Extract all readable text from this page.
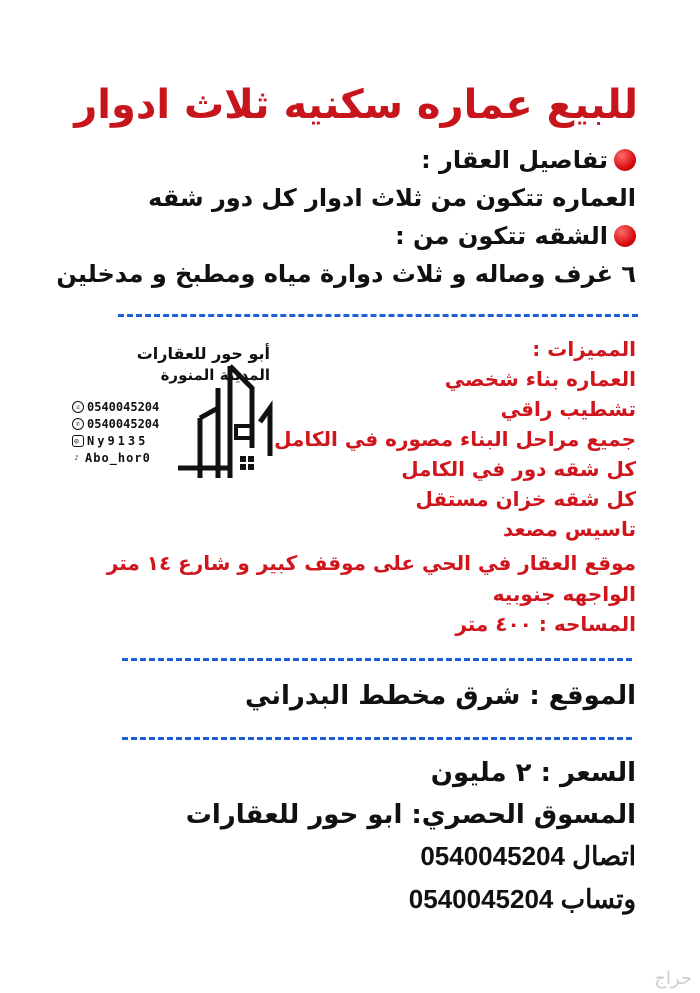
للبيع عماره سكنيه ثلاث ادوار
تفاصيل العقار :
العماره تتكون من ثلاث ادوار كل دور شقه
الشقه تتكون من :
٦ غرف وصاله و ثلاث دوارة مياه ومطبخ و مدخلين
المميزات :
العماره بناء شخصي
تشطيب راقي
جميع مراحل البناء مصوره في الكامل
كل شقه دور في الكامل
كل شقه خزان مستقل
تاسيس مصعد
موقع العقار في الحي على موقف كبير و شارع ١٤ متر
الواجهه جنوبيه
المساحه : ٤٠٠ متر
أبو حور للعقارات
المدينة المنورة
☏ 0540045204
✆ 0540045204
◎ Ny9135
♪ Abo_hor0
الموقع : شرق مخطط البدراني
السعر : ٢ مليون
المسوق الحصري: ابو حور للعقارات
اتصال 0540045204
وتساب 0540045204
حراج
